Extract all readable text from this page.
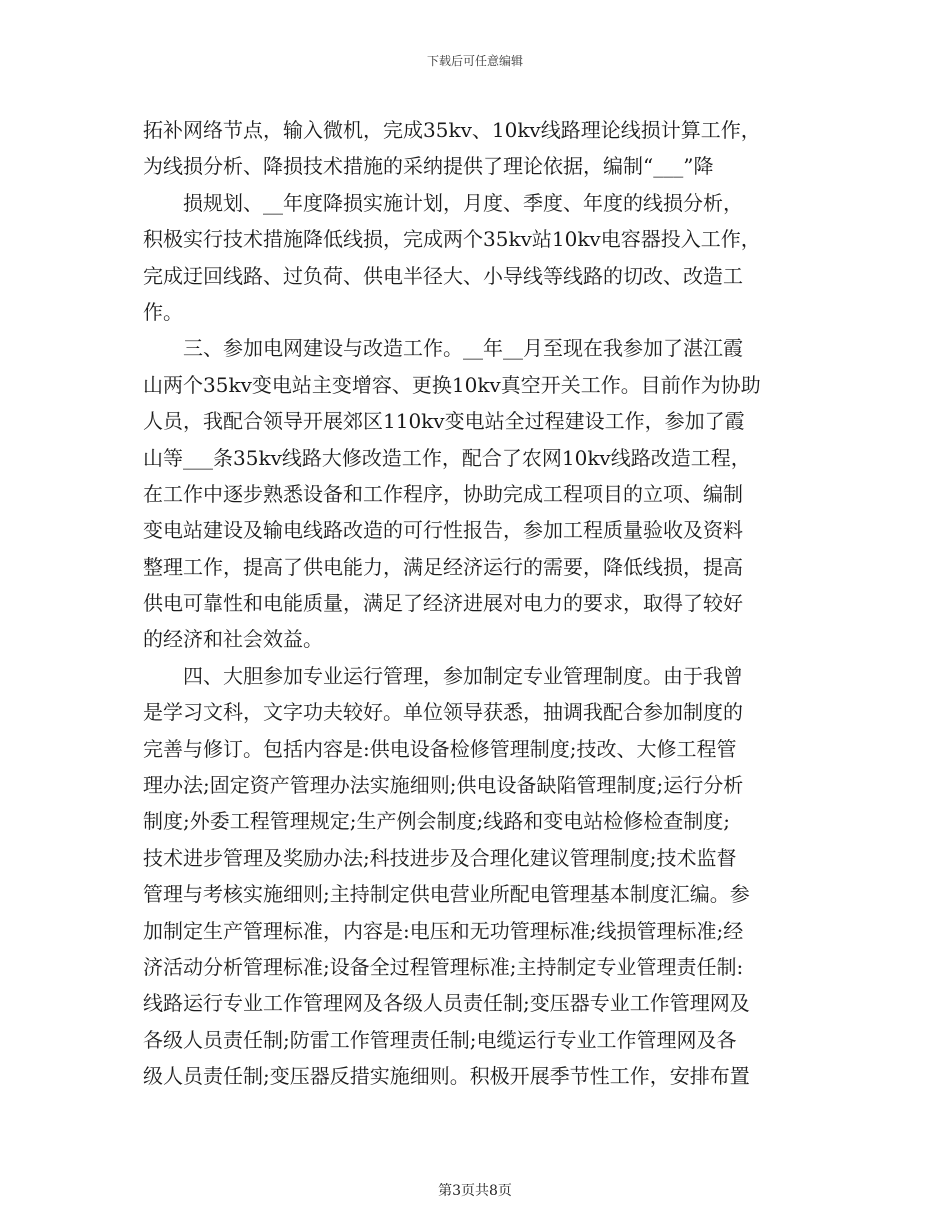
下载后可任意编辑
拓补网络节点，输入微机，完成35kv、10kv线路理论线损计算工作，
为线损分析、降损技术措施的采纳提供了理论依据，编制“___”降
　　损规划、__年度降损实施计划，月度、季度、年度的线损分析，
积极实行技术措施降低线损，完成两个35kv站10kv电容器投入工作，
完成迂回线路、过负荷、供电半径大、小导线等线路的切改、改造工
作。
　　三、参加电网建设与改造工作。__年__月至现在我参加了湛江霞
山两个35kv变电站主变增容、更换10kv真空开关工作。目前作为协助
人员，我配合领导开展郊区110kv变电站全过程建设工作，参加了霞
山等___条35kv线路大修改造工作，配合了农网10kv线路改造工程，
在工作中逐步熟悉设备和工作程序，协助完成工程项目的立项、编制
变电站建设及输电线路改造的可行性报告，参加工程质量验收及资料
整理工作，提高了供电能力，满足经济运行的需要，降低线损，提高
供电可靠性和电能质量，满足了经济进展对电力的要求，取得了较好
的经济和社会效益。
　　四、大胆参加专业运行管理，参加制定专业管理制度。由于我曾
是学习文科，文字功夫较好。单位领导获悉，抽调我配合参加制度的
完善与修订。包括内容是:供电设备检修管理制度;技改、大修工程管
理办法;固定资产管理办法实施细则;供电设备缺陷管理制度;运行分析
制度;外委工程管理规定;生产例会制度;线路和变电站检修检查制度;
技术进步管理及奖励办法;科技进步及合理化建议管理制度;技术监督
管理与考核实施细则;主持制定供电营业所配电管理基本制度汇编。参
加制定生产管理标准，内容是:电压和无功管理标准;线损管理标准;经
济活动分析管理标准;设备全过程管理标准;主持制定专业管理责任制:
线路运行专业工作管理网及各级人员责任制;变压器专业工作管理网及
各级人员责任制;防雷工作管理责任制;电缆运行专业工作管理网及各
级人员责任制;变压器反措实施细则。积极开展季节性工作，安排布置
第3页共8页
